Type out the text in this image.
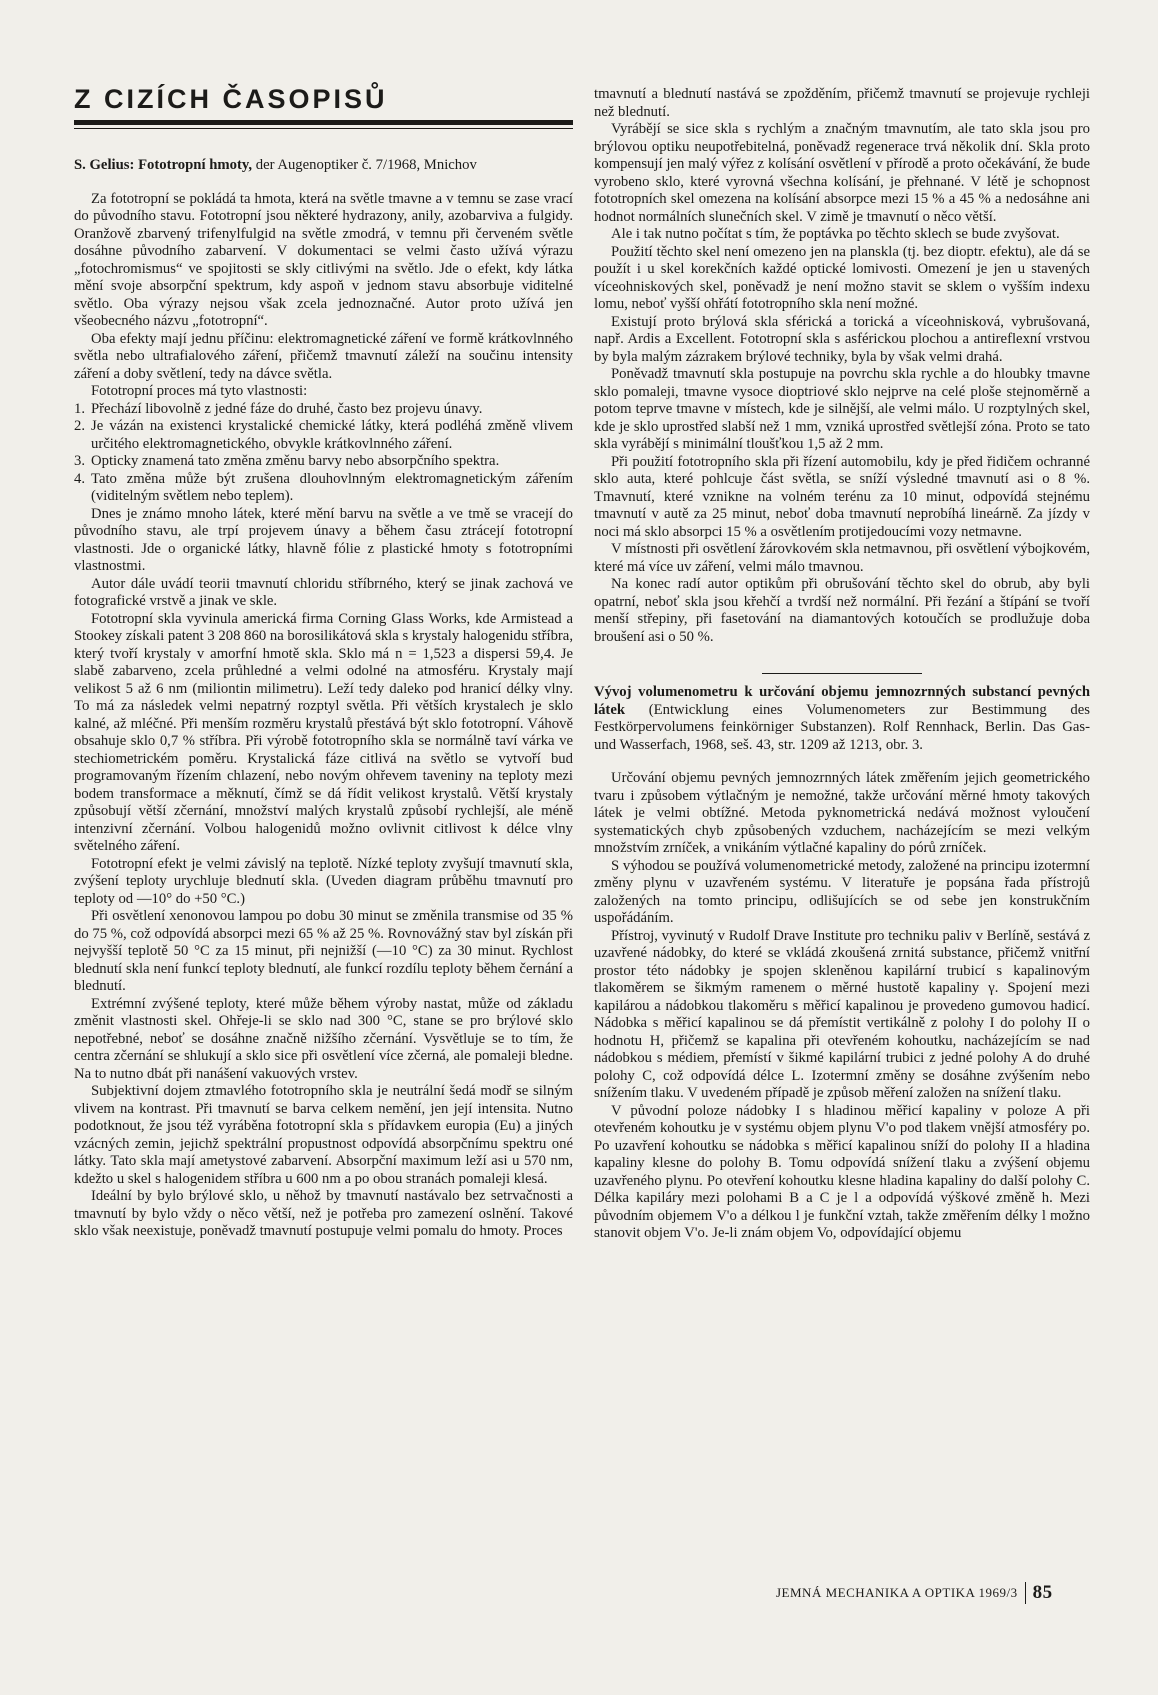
Z CIZÍCH ČASOPISŮ

S. Gelius: Fototropní hmoty, der Augenoptiker č. 7/1968, Mnichov

Za fototropní se pokládá ta hmota, která na světle tmavne a v temnu se zase vrací do původního stavu. Fototropní jsou některé hydrazony, anily, azobarviva a fulgidy. Oranžově zbarvený trifenylfulgid na světle zmodrá, v temnu při červeném světle dosáhne původního zabarvení. V dokumentaci se velmi často užívá výrazu „fotochromismus“ ve spojitosti se skly citlivými na světlo. Jde o efekt, kdy látka mění svoje absorpční spektrum, kdy aspoň v jednom stavu absorbuje viditelné světlo. Oba výrazy nejsou však zcela jednoznačné. Autor proto užívá jen všeobecného názvu „fototropní“.

Oba efekty mají jednu příčinu: elektromagnetické záření ve formě krátkovlnného světla nebo ultrafialového záření, přičemž tmavnutí záleží na součinu intensity záření a doby světlení, tedy na dávce světla.

Fototropní proces má tyto vlastnosti:

1. Přechází libovolně z jedné fáze do druhé, často bez projevu únavy.
2. Je vázán na existenci krystalické chemické látky, která podléhá změně vlivem určitého elektromagnetického, obvykle krátkovlnného záření.
3. Opticky znamená tato změna změnu barvy nebo absorpčního spektra.
4. Tato změna může být zrušena dlouhovlnným elektromagnetickým zářením (viditelným světlem nebo teplem).

Dnes je známo mnoho látek, které mění barvu na světle a ve tmě se vracejí do původního stavu, ale trpí projevem únavy a během času ztrácejí fototropní vlastnosti. Jde o organické látky, hlavně fólie z plastické hmoty s fototropními vlastnostmi.

Autor dále uvádí teorii tmavnutí chloridu stříbrného, který se jinak zachová ve fotografické vrstvě a jinak ve skle.

Fototropní skla vyvinula americká firma Corning Glass Works, kde Armistead a Stookey získali patent 3 208 860 na borosilikátová skla s krystaly halogenidu stříbra, který tvoří krystaly v amorfní hmotě skla. Sklo má n = 1,523 a dispersi 59,4. Je slabě zabarveno, zcela průhledné a velmi odolné na atmosféru. Krystaly mají velikost 5 až 6 nm (miliontin milimetru). Leží tedy daleko pod hranicí délky vlny. To má za následek velmi nepatrný rozptyl světla. Při větších krystalech je sklo kalné, až mléčné. Při menším rozměru krystalů přestává být sklo fototropní. Váhově obsahuje sklo 0,7 % stříbra. Při výrobě fototropního skla se normálně taví várka ve stechiometrickém poměru. Krystalická fáze citlivá na světlo se vytvoří bud programovaným řízením chlazení, nebo novým ohřevem taveniny na teploty mezi bodem transformace a měknutí, čímž se dá řídit velikost krystalů. Větší krystaly způsobují větší zčernání, množství malých krystalů způsobí rychlejší, ale méně intenzivní zčernání. Volbou halogenidů možno ovlivnit citlivost k délce vlny světelného záření.

Fototropní efekt je velmi závislý na teplotě. Nízké teploty zvyšují tmavnutí skla, zvýšení teploty urychluje blednutí skla. (Uveden diagram průběhu tmavnutí pro teploty od —10° do +50 °C.)

Při osvětlení xenonovou lampou po dobu 30 minut se změnila transmise od 35 % do 75 %, což odpovídá absorpci mezi 65 % až 25 %. Rovnovážný stav byl získán při nejvyšší teplotě 50 °C za 15 minut, při nejnižší (—10 °C) za 30 minut. Rychlost blednutí skla není funkcí teploty blednutí, ale funkcí rozdílu teploty během černání a blednutí.

Extrémní zvýšené teploty, které může během výroby nastat, může od základu změnit vlastnosti skel. Ohřeje-li se sklo nad 300 °C, stane se pro brýlové sklo nepotřebné, neboť se dosáhne značně nižšího zčernání. Vysvětluje se to tím, že centra zčernání se shlukují a sklo sice při osvětlení více zčerná, ale pomaleji bledne. Na to nutno dbát při nanášení vakuových vrstev.

Subjektivní dojem ztmavlého fototropního skla je neutrální šedá modř se silným vlivem na kontrast. Při tmavnutí se barva celkem nemění, jen její intensita. Nutno podotknout, že jsou též vyráběna fototropní skla s přídavkem europia (Eu) a jiných vzácných zemin, jejichž spektrální propustnost odpovídá absorpčnímu spektru oné látky. Tato skla mají ametystové zabarvení. Absorpční maximum leží asi u 570 nm, kdežto u skel s halogenidem stříbra u 600 nm a po obou stranách pomaleji klesá.

Ideální by bylo brýlové sklo, u něhož by tmavnutí nastávalo bez setrvačnosti a tmavnutí by bylo vždy o něco větší, než je potřeba pro zamezení oslnění. Takové sklo však neexistuje, poněvadž tmavnutí postupuje velmi pomalu do hmoty. Proces

tmavnutí a blednutí nastává se zpožděním, přičemž tmavnutí se projevuje rychleji než blednutí.

Vyrábějí se sice skla s rychlým a značným tmavnutím, ale tato skla jsou pro brýlovou optiku neupotřebitelná, poněvadž regenerace trvá několik dní. Skla proto kompensují jen malý výřez z kolísání osvětlení v přírodě a proto očekávání, že bude vyrobeno sklo, které vyrovná všechna kolísání, je přehnané. V létě je schopnost fototropních skel omezena na kolísání absorpce mezi 15 % a 45 % a nedosáhne ani hodnot normálních slunečních skel. V zimě je tmavnutí o něco větší.

Ale i tak nutno počítat s tím, že poptávka po těchto sklech se bude zvyšovat.

Použití těchto skel není omezeno jen na planskla (tj. bez dioptr. efektu), ale dá se použít i u skel korekčních každé optické lomivosti. Omezení je jen u stavených víceohniskových skel, poněvadž je není možno stavit se sklem o vyšším indexu lomu, neboť vyšší ohřátí fototropního skla není možné.

Existují proto brýlová skla sférická a torická a víceohnisková, vybrušovaná, např. Ardis a Excellent. Fototropní skla s asférickou plochou a antireflexní vrstvou by byla malým zázrakem brýlové techniky, byla by však velmi drahá.

Poněvadž tmavnutí skla postupuje na povrchu skla rychle a do hloubky tmavne sklo pomaleji, tmavne vysoce dioptriové sklo nejprve na celé ploše stejnoměrně a potom teprve tmavne v místech, kde je silnější, ale velmi málo. U rozptylných skel, kde je sklo uprostřed slabší než 1 mm, vzniká uprostřed světlejší zóna. Proto se tato skla vyrábějí s minimální tloušťkou 1,5 až 2 mm.

Při použití fototropního skla při řízení automobilu, kdy je před řidičem ochranné sklo auta, které pohlcuje část světla, se sníží výsledné tmavnutí asi o 8 %. Tmavnutí, které vznikne na volném terénu za 10 minut, odpovídá stejnému tmavnutí v autě za 25 minut, neboť doba tmavnutí neprobíhá lineárně. Za jízdy v noci má sklo absorpci 15 % a osvětlením protijedoucími vozy netmavne.

V místnosti při osvětlení žárovkovém skla netmavnou, při osvětlení výbojkovém, které má více uv záření, velmi málo tmavnou.

Na konec radí autor optikům při obrušování těchto skel do obrub, aby byli opatrní, neboť skla jsou křehčí a tvrdší než normální. Při řezání a štípání se tvoří menší střepiny, při fasetování na diamantových kotoučích se prodlužuje doba broušení asi o 50 %.

Vývoj volumenometru k určování objemu jemnozrnných substancí pevných látek (Entwicklung eines Volumenometers zur Bestimmung des Festkörpervolumens feinkörniger Substanzen). Rolf Rennhack, Berlin. Das Gas- und Wasserfach, 1968, seš. 43, str. 1209 až 1213, obr. 3.

Určování objemu pevných jemnozrnných látek změřením jejich geometrického tvaru i způsobem výtlačným je nemožné, takže určování měrné hmoty takových látek je velmi obtížné. Metoda pyknometrická nedává možnost vyloučení systematických chyb způsobených vzduchem, nacházejícím se mezi velkým množstvím zrníček, a vnikáním výtlačné kapaliny do pórů zrníček.

S výhodou se používá volumenometrické metody, založené na principu izotermní změny plynu v uzavřeném systému. V literatuře je popsána řada přístrojů založených na tomto principu, odlišujících se od sebe jen konstrukčním uspořádáním.

Přístroj, vyvinutý v Rudolf Drave Institute pro techniku paliv v Berlíně, sestává z uzavřené nádobky, do které se vkládá zkoušená zrnitá substance, přičemž vnitřní prostor této nádobky je spojen skleněnou kapilární trubicí s kapalinovým tlakoměrem se šikmým ramenem o měrné hustotě kapaliny γ. Spojení mezi kapilárou a nádobkou tlakoměru s měřicí kapalinou je provedeno gumovou hadicí. Nádobka s měřicí kapalinou se dá přemístit vertikálně z polohy I do polohy II o hodnotu H, přičemž se kapalina při otevřeném kohoutku, nacházejícím se nad nádobkou s médiem, přemístí v šikmé kapilární trubici z jedné polohy A do druhé polohy C, což odpovídá délce L. Izotermní změny se dosáhne zvýšením nebo snížením tlaku. V uvedeném případě je způsob měření založen na snížení tlaku.

V původní poloze nádobky I s hladinou měřicí kapaliny v poloze A při otevřeném kohoutku je v systému objem plynu V'o pod tlakem vnější atmosféry po. Po uzavření kohoutku se nádobka s měřicí kapalinou sníží do polohy II a hladina kapaliny klesne do polohy B. Tomu odpovídá snížení tlaku a zvýšení objemu uzavřeného plynu. Po otevření kohoutku klesne hladina kapaliny do další polohy C. Délka kapiláry mezi polohami B a C je l a odpovídá výškové změně h. Mezi původním objemem V'o a délkou l je funkční vztah, takže změřením délky l možno stanovit objem V'o. Je-li znám objem Vo, odpovídající objemu

JEMNÁ MECHANIKA A OPTIKA 1969/3 85
